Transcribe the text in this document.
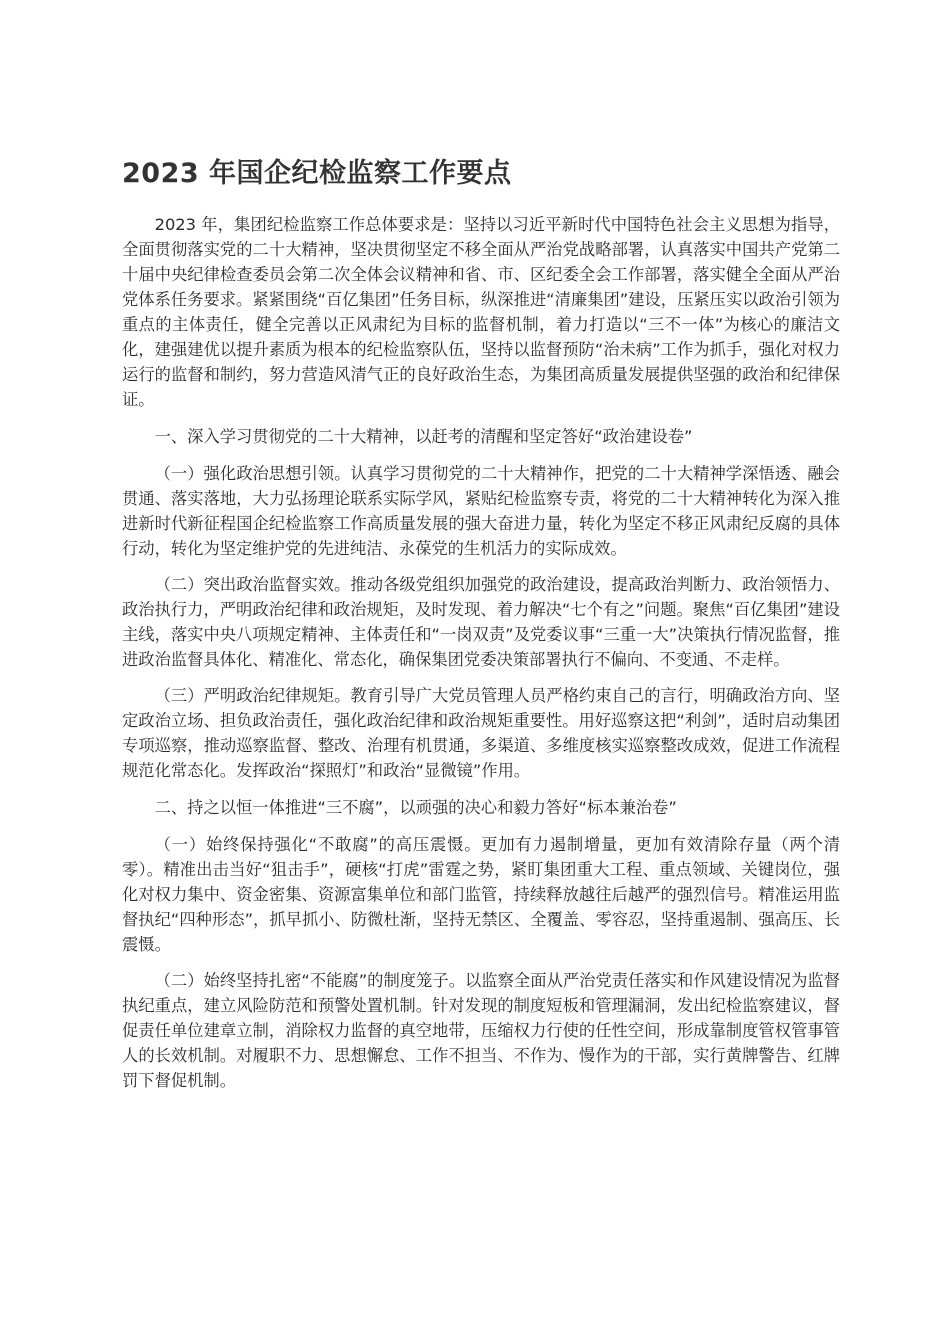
2023 年国企纪检监察工作要点

2023 年，集团纪检监察工作总体要求是：坚持以习近平新时代中国特色社会主义思想为指导，全面贯彻落实党的二十大精神，坚决贯彻坚定不移全面从严治党战略部署，认真落实中国共产党第二十届中央纪律检查委员会第二次全体会议精神和省、市、区纪委全会工作部署，落实健全全面从严治党体系任务要求。紧紧围绕“百亿集团”任务目标，纵深推进“清廉集团”建设，压紧压实以政治引领为重点的主体责任，健全完善以正风肃纪为目标的监督机制，着力打造以“三不一体”为核心的廉洁文化，建强建优以提升素质为根本的纪检监察队伍，坚持以监督预防“治未病”工作为抓手，强化对权力运行的监督和制约，努力营造风清气正的良好政治生态，为集团高质量发展提供坚强的政治和纪律保证。

一、深入学习贯彻党的二十大精神，以赶考的清醒和坚定答好“政治建设卷”

（一）强化政治思想引领。认真学习贯彻党的二十大精神作，把党的二十大精神学深悟透、融会贯通、落实落地，大力弘扬理论联系实际学风，紧贴纪检监察专责，将党的二十大精神转化为深入推进新时代新征程国企纪检监察工作高质量发展的强大奋进力量，转化为坚定不移正风肃纪反腐的具体行动，转化为坚定维护党的先进纯洁、永葆党的生机活力的实际成效。

（二）突出政治监督实效。推动各级党组织加强党的政治建设，提高政治判断力、政治领悟力、政治执行力，严明政治纪律和政治规矩，及时发现、着力解决“七个有之”问题。聚焦“百亿集团”建设主线，落实中央八项规定精神、主体责任和“一岗双责”及党委议事“三重一大”决策执行情况监督，推进政治监督具体化、精准化、常态化，确保集团党委决策部署执行不偏向、不变通、不走样。

（三）严明政治纪律规矩。教育引导广大党员管理人员严格约束自己的言行，明确政治方向、坚定政治立场、担负政治责任，强化政治纪律和政治规矩重要性。用好巡察这把“利剑”，适时启动集团专项巡察，推动巡察监督、整改、治理有机贯通，多渠道、多维度核实巡察整改成效，促进工作流程规范化常态化。发挥政治“探照灯”和政治“显微镜”作用。

二、持之以恒一体推进“三不腐”，以顽强的决心和毅力答好“标本兼治卷”

（一）始终保持强化“不敢腐”的高压震慑。更加有力遏制增量，更加有效清除存量（两个清零）。精准出击当好“狙击手”，硬核“打虎”雷霆之势，紧盯集团重大工程、重点领域、关键岗位，强化对权力集中、资金密集、资源富集单位和部门监管，持续释放越往后越严的强烈信号。精准运用监督执纪“四种形态”，抓早抓小、防微杜渐，坚持无禁区、全覆盖、零容忍，坚持重遏制、强高压、长震慑。

（二）始终坚持扎密“不能腐”的制度笼子。以监察全面从严治党责任落实和作风建设情况为监督执纪重点，建立风险防范和预警处置机制。针对发现的制度短板和管理漏洞，发出纪检监察建议，督促责任单位建章立制，消除权力监督的真空地带，压缩权力行使的任性空间，形成靠制度管权管事管人的长效机制。对履职不力、思想懈怠、工作不担当、不作为、慢作为的干部，实行黄牌警告、红牌罚下督促机制。
